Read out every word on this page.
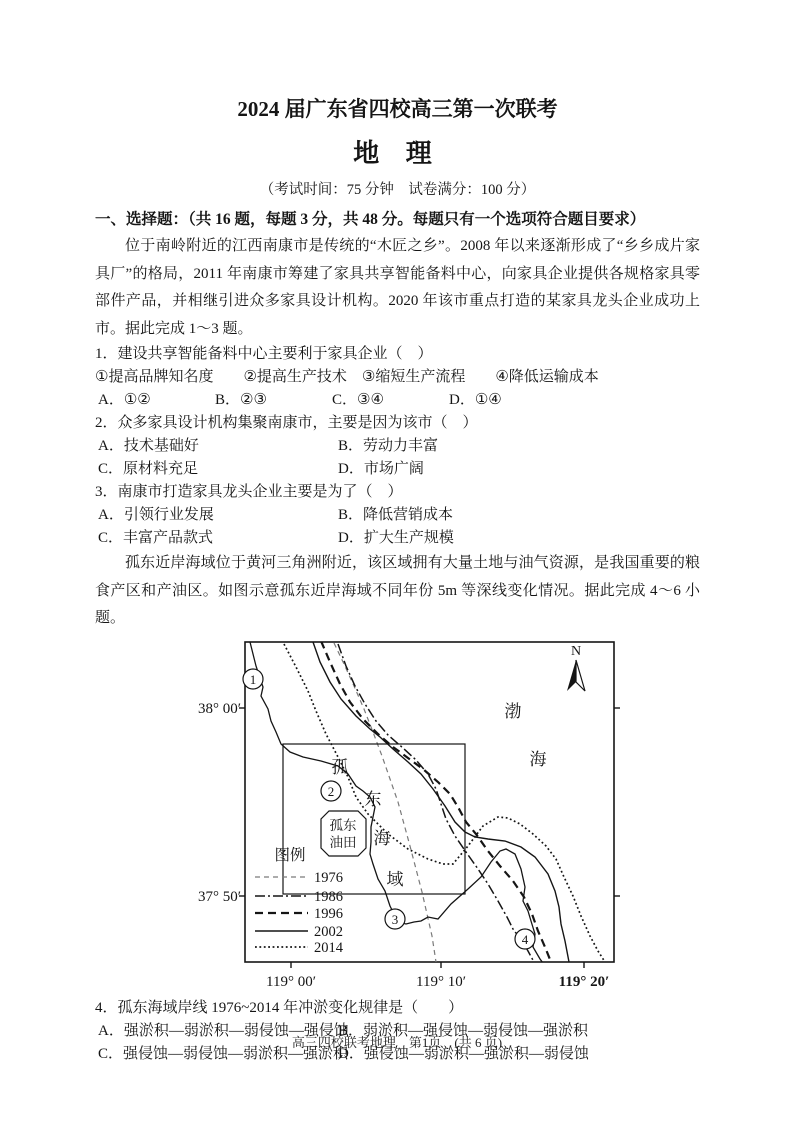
2024 届广东省四校高三第一次联考
地 理
（考试时间：75 分钟　试卷满分：100 分）
一、选择题：（共 16 题，每题 3 分，共 48 分。每题只有一个选项符合题目要求）

位于南岭附近的江西南康市是传统的“木匠之乡”。2008 年以来逐渐形成了“乡乡成片家具厂”的格局，2011 年南康市筹建了家具共享智能备料中心，向家具企业提供各规格家具零部件产品，并相继引进众多家具设计机构。2020 年该市重点打造的某家具龙头企业成功上市。据此完成 1～3 题。

1．建设共享智能备料中心主要利于家具企业（　）
①提高品牌知名度　　②提高生产技术　③缩短生产流程　　④降低运输成本
A．①②	B．②③	C．③④	D．①④
2．众多家具设计机构集聚南康市，主要是因为该市（　）
A．技术基础好	B．劳动力丰富
C．原材料充足	D．市场广阔
3．南康市打造家具龙头企业主要是为了（　）
A．引领行业发展	B．降低营销成本
C．丰富产品款式	D．扩大生产规模

孤东近岸海域位于黄河三角洲附近，该区域拥有大量土地与油气资源，是我国重要的粮食产区和产油区。如图示意孤东近岸海域不同年份 5m 等深线变化情况。据此完成 4～6 小题。

38° 00′
37° 50′
119° 00′	119° 10′	119° 20′
N
渤
海
孤
东
海
域
孤东
油田
1
2
3
4
图例
1976
1986
1996
2002
2014
4．孤东海域岸线 1976~2014 年冲淤变化规律是（　　）
A．强淤积—弱淤积—弱侵蚀—强侵蚀
B．弱淤积—强侵蚀—弱侵蚀—强淤积
C．强侵蚀—弱侵蚀—弱淤积—强淤积
D．强侵蚀—弱淤积—强淤积—弱侵蚀
高三四校联考地理　第1页　(共 6 页)
